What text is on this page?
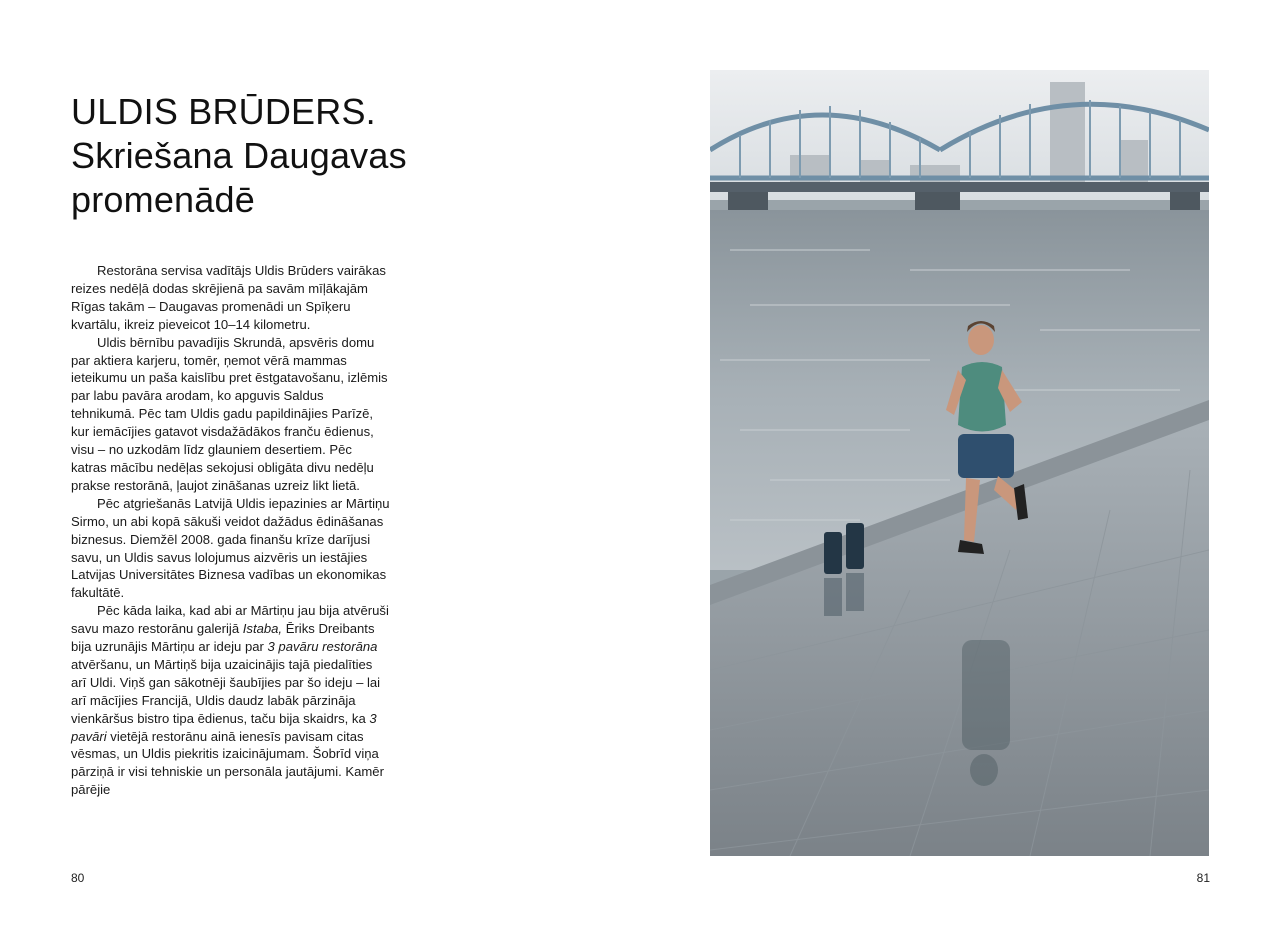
ULDIS BRŪDERS.
Skriešana Daugavas
promenādē

Restorāna servisa vadītājs Uldis Brūders vairākas reizes nedēļā dodas skrējienā pa savām mīļākajām Rīgas takām – Daugavas promenādi un Spīķeru kvartālu, ikreiz pieveicot 10–14 kilometru.

Uldis bērnību pavadījis Skrundā, apsvēris domu par aktiera karjeru, tomēr, ņemot vērā mammas ieteikumu un paša kaislību pret ēstgatavošanu, izlēmis par labu pavāra arodam, ko apguvis Saldus tehnikumā. Pēc tam Uldis gadu papildinājies Parīzē, kur iemācījies gatavot visdažādākos franču ēdienus, visu – no uzkodām līdz glauniem desertiem. Pēc katras mācību nedēļas sekojusi obligāta divu nedēļu prakse restorānā, ļaujot zināšanas uzreiz likt lietā.

Pēc atgriešanās Latvijā Uldis iepazinies ar Mārtiņu Sirmo, un abi kopā sākuši veidot dažādus ēdināšanas biznesus. Diemžēl 2008. gada finanšu krīze darījusi savu, un Uldis savus lolojumus aizvēris un iestājies Latvijas Universitātes Biznesa vadības un ekonomikas fakultātē.

Pēc kāda laika, kad abi ar Mārtiņu jau bija atvēruši savu mazo restorānu galerijā Istaba, Ēriks Dreibants bija uzrunājis Mārtiņu ar ideju par 3 pavāru restorāna atvēršanu, un Mārtiņš bija uzaicinājis tajā piedalīties arī Uldi. Viņš gan sākotnēji šaubījies par šo ideju – lai arī mācījies Francijā, Uldis daudz labāk pārzināja vienkāršus bistro tipa ēdienus, taču bija skaidrs, ka 3 pavāri vietējā restorānu ainā ienesīs pavisam citas vēsmas, un Uldis piekritis izaicinājumam. Šobrīd viņa pārziņā ir visi tehniskie un personāla jautājumi. Kamēr pārējie

80	81
